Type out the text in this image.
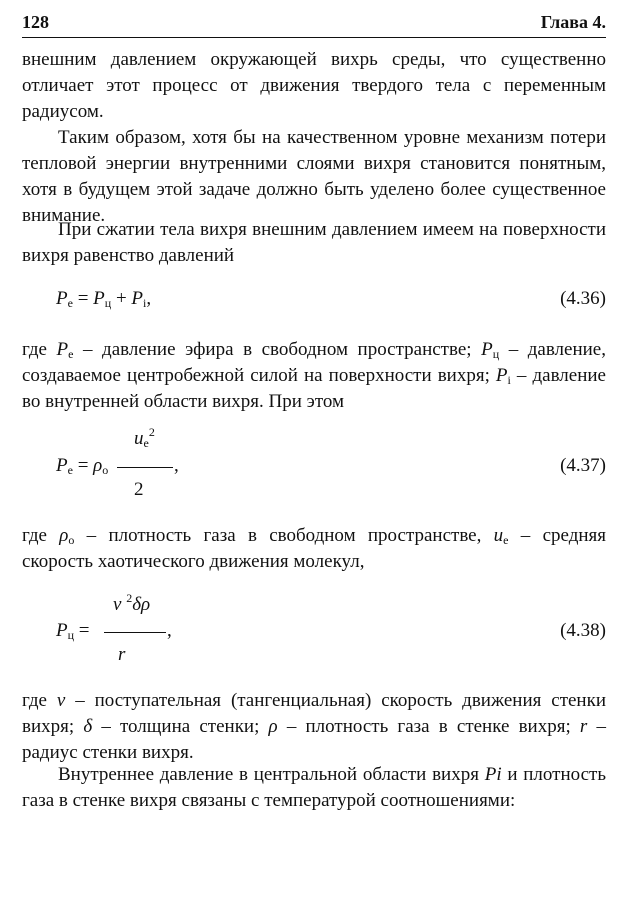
128	Глава 4.
внешним давлением окружающей вихрь среды, что существенно отличает этот процесс от движения твердого тела с переменным радиусом.
Таким образом, хотя бы на качественном уровне механизм потери тепловой энергии внутренними слоями вихря становится понятным, хотя в будущем этой задаче должно быть уделено более существенное внимание.
При сжатии тела вихря внешним давлением имеем на поверхности вихря равенство давлений
$P_е = P_ц + P_i$,	(4.36)
где $P_е$ – давление эфира в свободном пространстве; $P_ц$ – давление, создаваемое центробежной силой на поверхности вихря; $P_i$ – давление во внутренней области вихря. При этом
$P_е = \rho_о$
$u_е^2$
,
2
(4.37)
где $\rho_о$ – плотность газа в свободном пространстве, $u_е$ – средняя скорость хаотического движения молекул,
$P_ц$ =
v $^2$δρ
,
r
(4.38)
где v – поступательная (тангенциальная) скорость движения стенки вихря; δ – толщина стенки; ρ – плотность газа в стенке вихря; r – радиус стенки вихря.
Внутреннее давление в центральной области вихря Pi и плотность газа в стенке вихря связаны с температурой соотношениями:
